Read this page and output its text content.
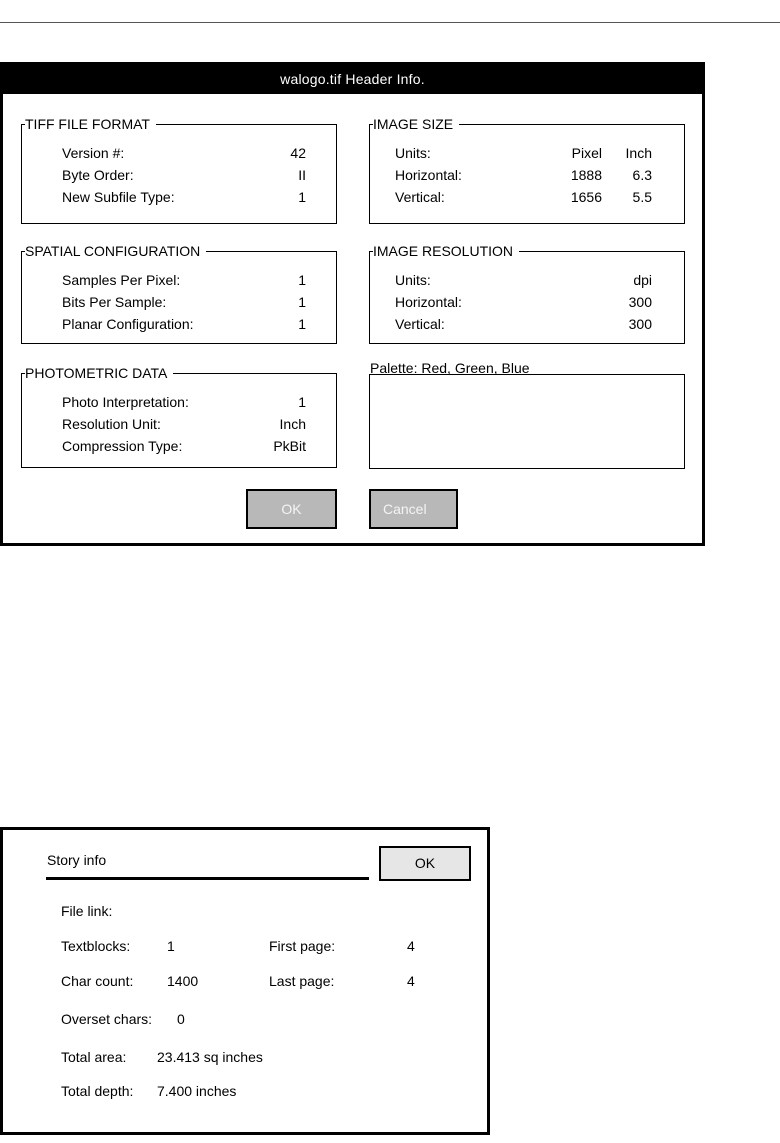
walogo.tif Header Info.
TIFF FILE FORMAT
Version #:	42
Byte Order:	II
New Subfile Type:	1
SPATIAL CONFIGURATION
Samples Per Pixel:	1
Bits Per Sample:	1
Planar Configuration:	1
PHOTOMETRIC DATA
Photo Interpretation:	1
Resolution Unit:	Inch
Compression Type:	PkBit
IMAGE SIZE
Units:	Pixel Inch
Horizontal:	1888 6.3
Vertical:	1656 5.5
IMAGE RESOLUTION
Units:	dpi
Horizontal:	300
Vertical:	300
Palette: Red, Green, Blue
OK	Cancel
Story info	OK
File link:
Textblocks:	1	First page:	4
Char count: 1400	Last page:	4
Overset chars: 0
Total area: 23.413 sq inches
Total depth: 7.400 inches
